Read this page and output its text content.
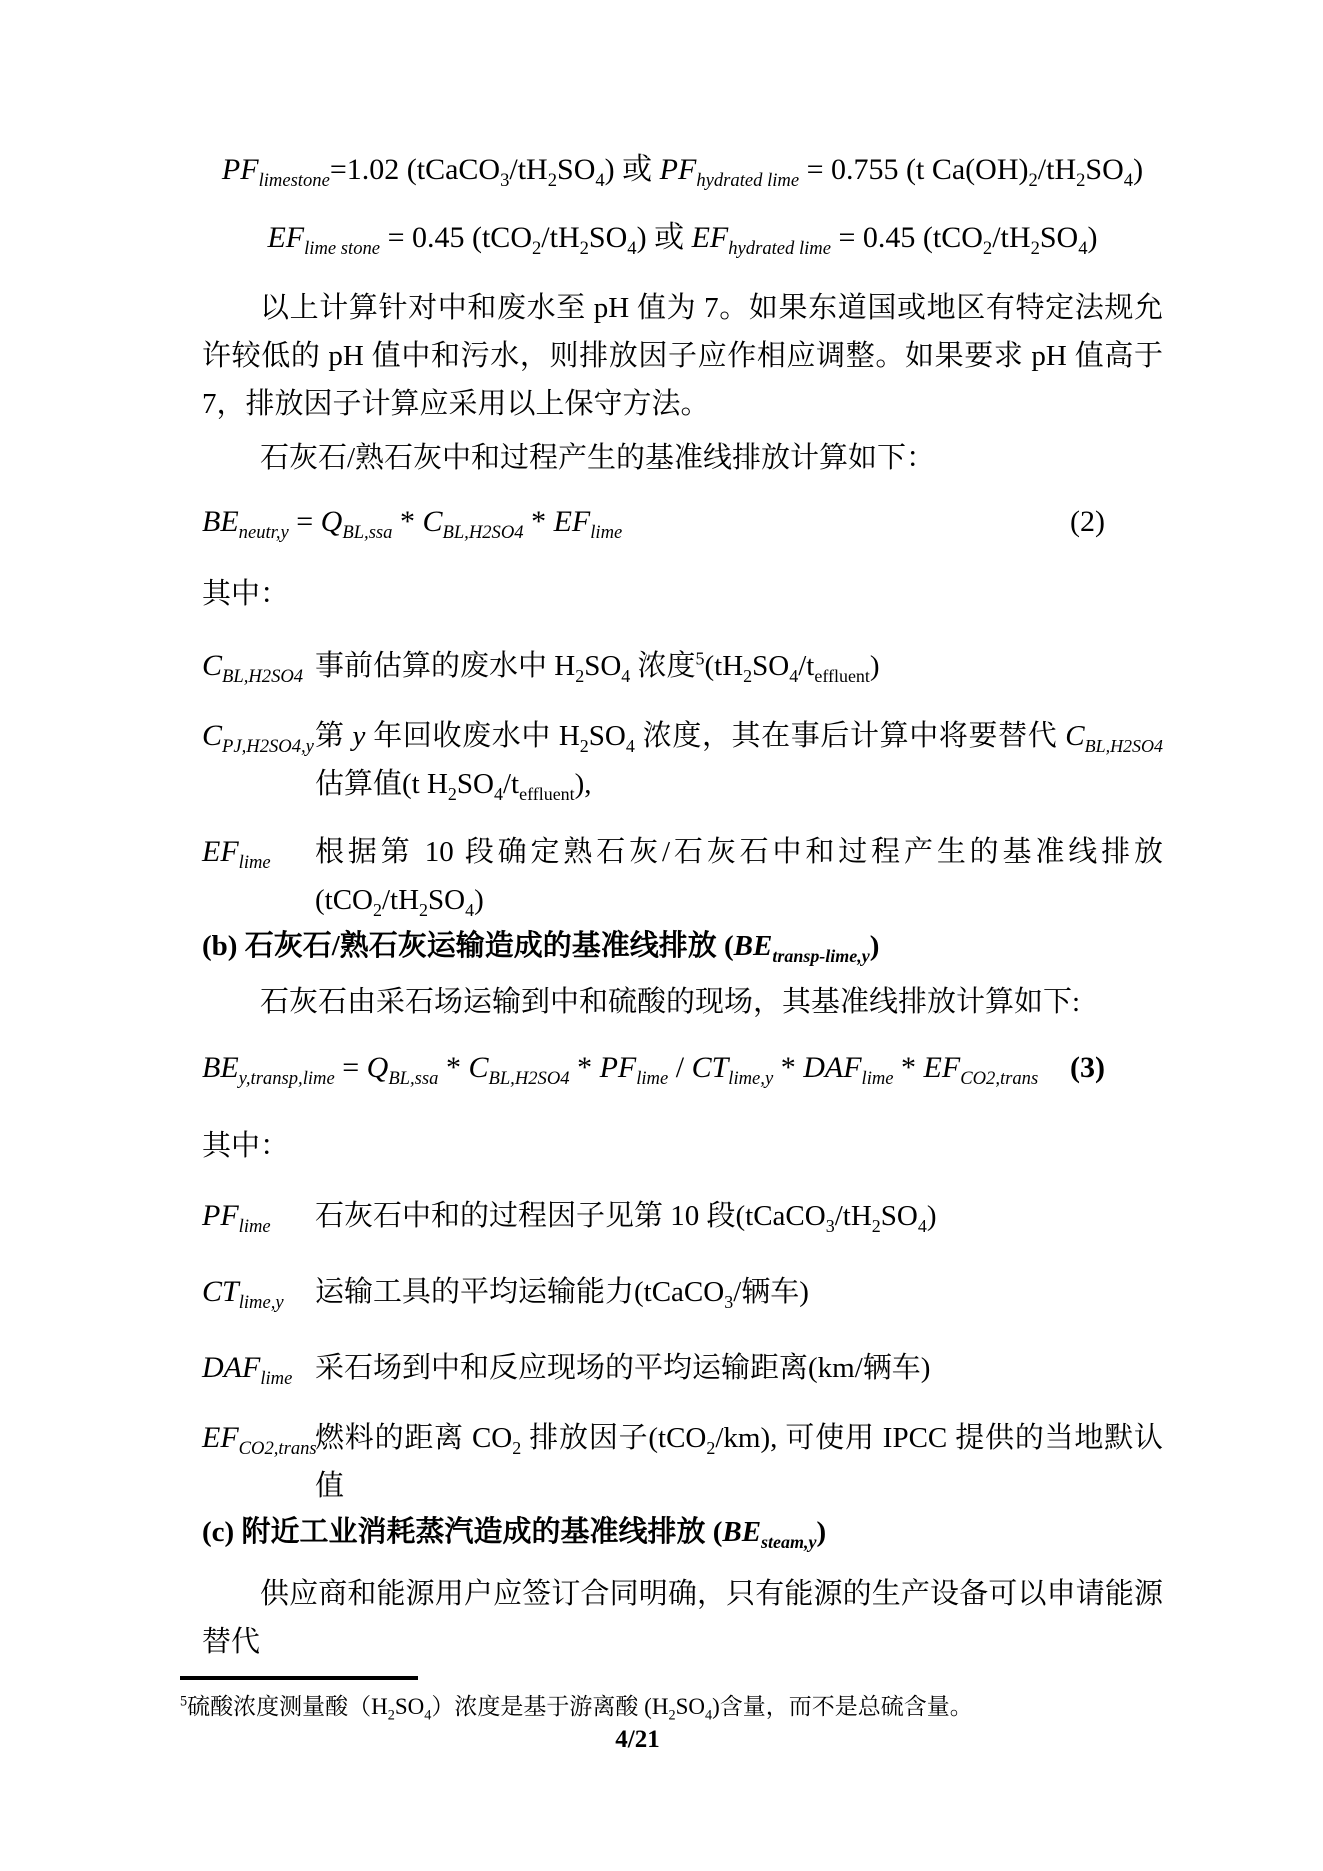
$PF_{limestone}=1.02$ $(tCaCO_3/tH_2SO_4)$ 或 $PF_{hydrated lime} = 0.755$ (t $Ca(OH)_2/tH_2SO_4$)
$EF_{lime stone} = 0.45$ $(tCO_2/tH_2SO_4)$ 或 $EF_{hydrated lime} = 0.45$ $(tCO_2/tH_2SO_4)$

以上计算针对中和废水至 pH 值为 7。如果东道国或地区有特定法规允许较低的 pH 值中和污水，则排放因子应作相应调整。如果要求 pH 值高于 7，排放因子计算应采用以上保守方法。

石灰石/熟石灰中和过程产生的基准线排放计算如下：

$BE_{neutr,y} = Q_{BL,ssa} * C_{BL,H2SO4} * EF_{lime}$	(2)

其中：

$C_{BL,H2SO4}$ 事前估算的废水中 $H_2SO_4$ 浓度$^5(tH_2SO_4/t_{effluent})$
$C_{PJ,H2SO4,y}$ 第 y 年回收废水中 $H_2SO_4$ 浓度，其在事后计算中将要替代 $C_{BL,H2SO4}$ 估算值(t $H_2SO_4/t_{effluent}$),
$EF_{lime}$	根据第 10 段确定熟石灰/石灰石中和过程产生的基准线排放 $(tCO_2/tH_2SO_4)$
(b) 石灰石/熟石灰运输造成的基准线排放 $(BE_{transp-lime,y})$

石灰石由采石场运输到中和硫酸的现场，其基准线排放计算如下:

$BE_{y,transp,lime} = Q_{BL,ssa} * C_{BL,H2SO4} * PF_{lime} / CT_{lime,y} * DAF_{lime} * EF_{CO2,trans}$ (3)

其中：

$PF_{lime}$	石灰石中和的过程因子见第 10 段$(tCaCO_3/tH_2SO_4)$
$CT_{lime,y}$	运输工具的平均运输能力(tCaCO$_3$/辆车)
$DAF_{lime}$ 采石场到中和反应现场的平均运输距离(km/辆车)
$EF_{CO2,trans}$
燃料的距离 $CO_2$ 排放因子(tCO$_2$/km), 可使用 IPCC 提供的当地默认值
(c) 附近工业消耗蒸汽造成的基准线排放 $(BE_{steam,y})$

供应商和能源用户应签订合同明确，只有能源的生产设备可以申请能源替代

$^5$硫酸浓度测量酸$(H_2SO_4)$浓度是基于游离酸 $(H_2SO_4)$含量，而不是总硫含量。
4/21
